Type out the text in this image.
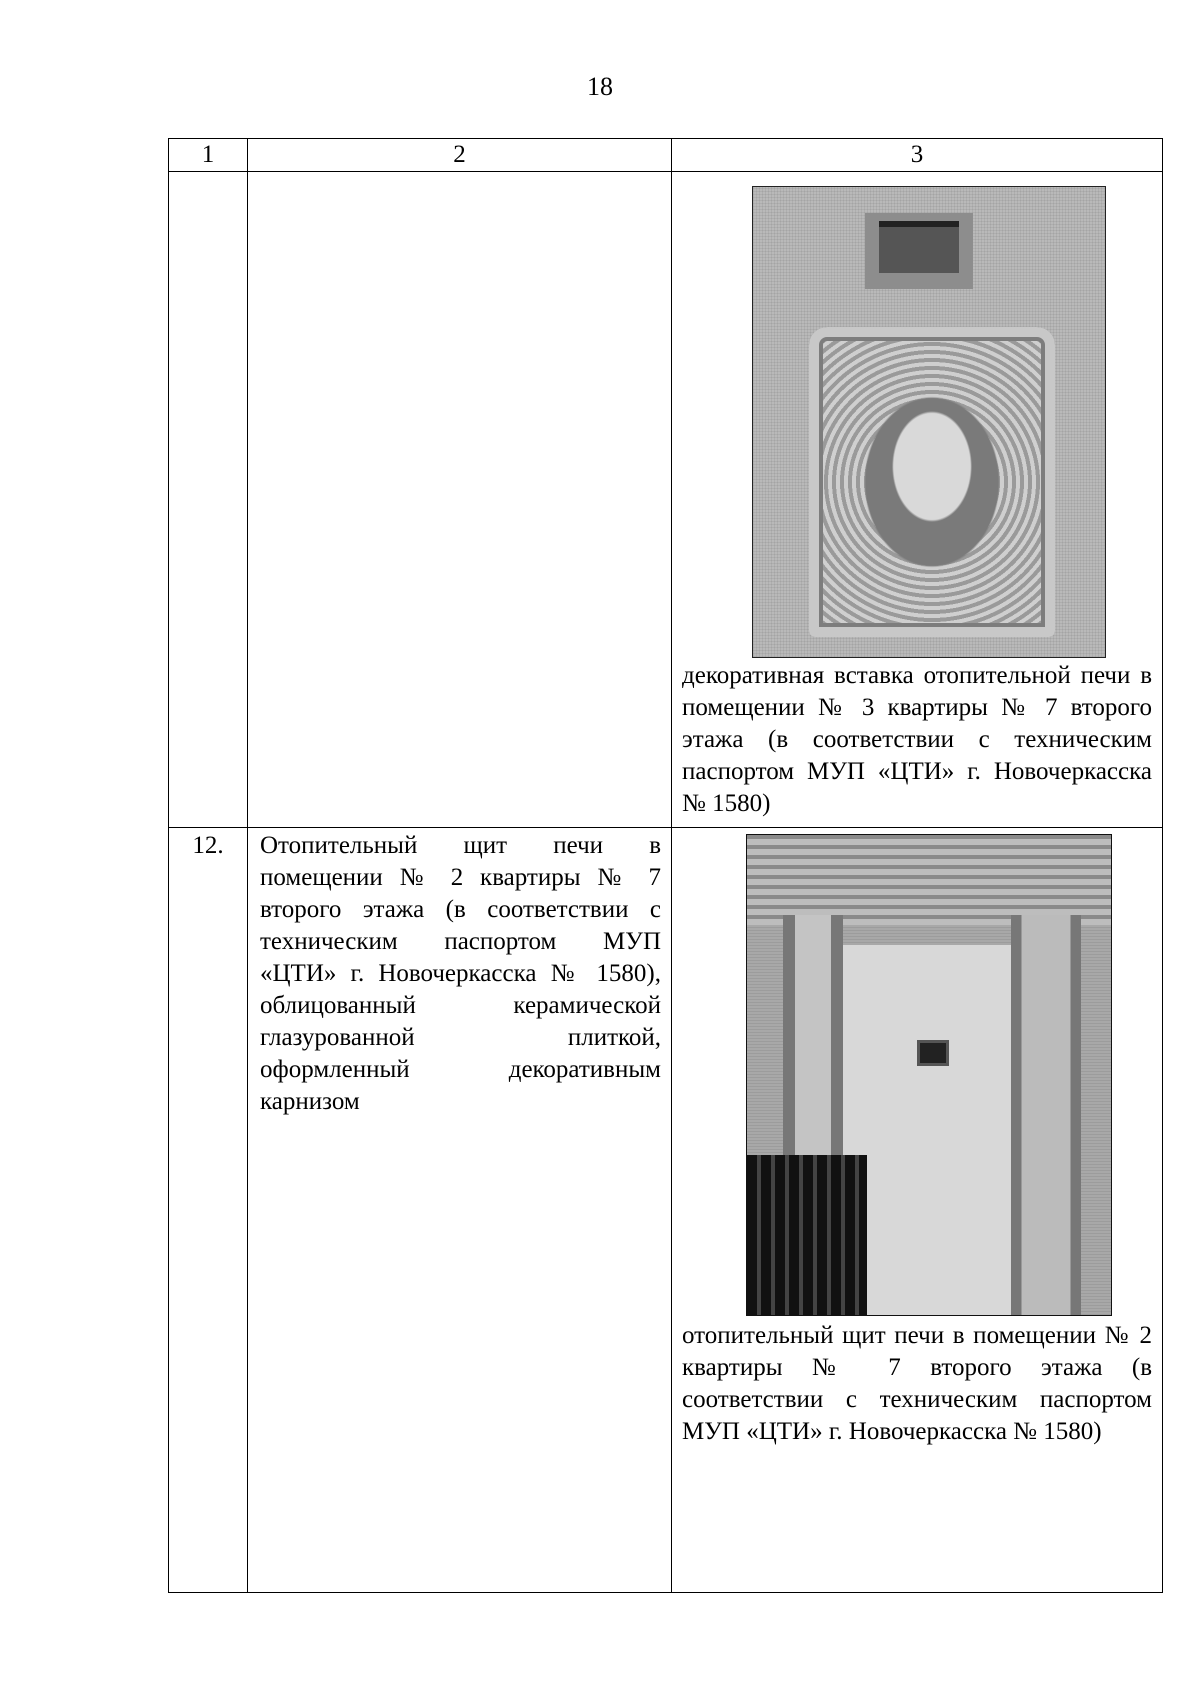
18
1	2	3

		декоративная вставка отопительной печи в помещении № 3 квартиры № 7 второго этажа (в соответствии с техническим паспортом МУП «ЦТИ» г. Новочеркасска № 1580)

12.	Отопительный щит печи в помещении № 2 квартиры № 7 второго этажа (в соответствии с техническим паспортом МУП «ЦТИ» г. Новочеркасска № 1580), облицованный керамической глазурованной плиткой, оформленный декоративным карнизом	отопительный щит печи в помещении № 2 квартиры № 7 второго этажа (в соответствии с техническим паспортом МУП «ЦТИ» г. Новочеркасска № 1580)
